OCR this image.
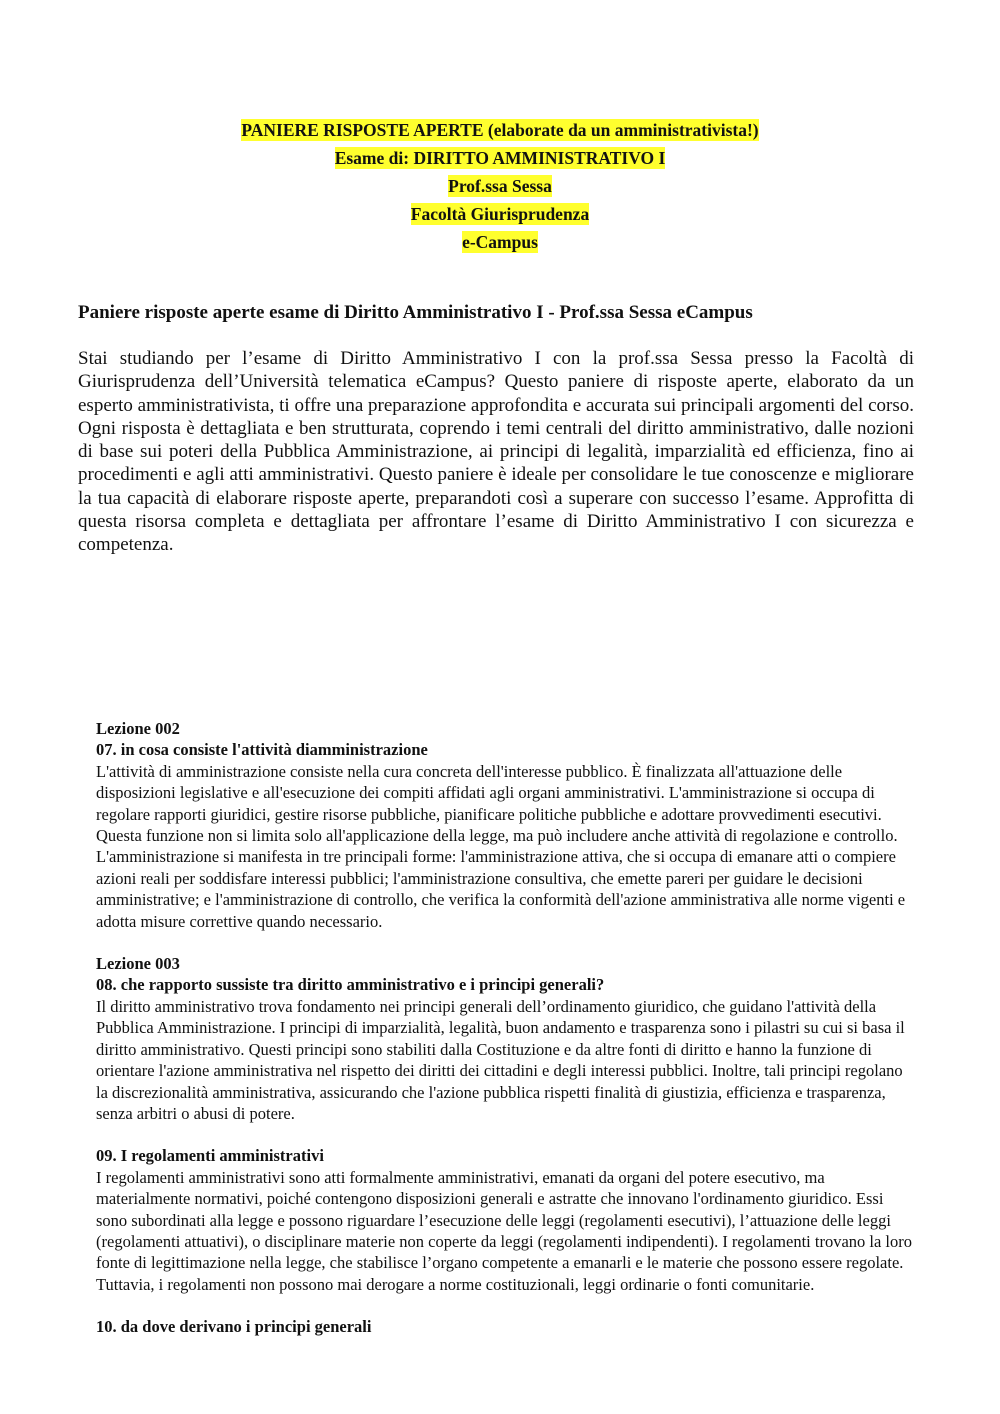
PANIERE RISPOSTE APERTE (elaborate da un amministrativista!)
Esame di: DIRITTO AMMINISTRATIVO I
Prof.ssa Sessa
Facoltà Giurisprudenza
e-Campus
Paniere risposte aperte esame di Diritto Amministrativo I - Prof.ssa Sessa eCampus

Stai studiando per l’esame di Diritto Amministrativo I con la prof.ssa Sessa presso la Facoltà di Giurisprudenza dell’Università telematica eCampus? Questo paniere di risposte aperte, elaborato da un esperto amministrativista, ti offre una preparazione approfondita e accurata sui principali argomenti del corso. Ogni risposta è dettagliata e ben strutturata, coprendo i temi centrali del diritto amministrativo, dalle nozioni di base sui poteri della Pubblica Amministrazione, ai principi di legalità, imparzialità ed efficienza, fino ai procedimenti e agli atti amministrativi. Questo paniere è ideale per consolidare le tue conoscenze e migliorare la tua capacità di elaborare risposte aperte, preparandoti così a superare con successo l’esame. Approfitta di questa risorsa completa e dettagliata per affrontare l’esame di Diritto Amministrativo I con sicurezza e competenza.

Lezione 002

07. in cosa consiste l'attività diamministrazione

L'attività di amministrazione consiste nella cura concreta dell'interesse pubblico. È finalizzata all'attuazione delle disposizioni legislative e all'esecuzione dei compiti affidati agli organi amministrativi. L'amministrazione si occupa di regolare rapporti giuridici, gestire risorse pubbliche, pianificare politiche pubbliche e adottare provvedimenti esecutivi. Questa funzione non si limita solo all'applicazione della legge, ma può includere anche attività di regolazione e controllo. L'amministrazione si manifesta in tre principali forme: l'amministrazione attiva, che si occupa di emanare atti o compiere azioni reali per soddisfare interessi pubblici; l'amministrazione consultiva, che emette pareri per guidare le decisioni amministrative; e l'amministrazione di controllo, che verifica la conformità dell'azione amministrativa alle norme vigenti e adotta misure correttive quando necessario.

Lezione 003

08. che rapporto sussiste tra diritto amministrativo e i principi generali?

Il diritto amministrativo trova fondamento nei principi generali dell’ordinamento giuridico, che guidano l'attività della Pubblica Amministrazione. I principi di imparzialità, legalità, buon andamento e trasparenza sono i pilastri su cui si basa il diritto amministrativo. Questi principi sono stabiliti dalla Costituzione e da altre fonti di diritto e hanno la funzione di orientare l'azione amministrativa nel rispetto dei diritti dei cittadini e degli interessi pubblici. Inoltre, tali principi regolano la discrezionalità amministrativa, assicurando che l'azione pubblica rispetti finalità di giustizia, efficienza e trasparenza, senza arbitri o abusi di potere.

09. I regolamenti amministrativi

I regolamenti amministrativi sono atti formalmente amministrativi, emanati da organi del potere esecutivo, ma materialmente normativi, poiché contengono disposizioni generali e astratte che innovano l'ordinamento giuridico. Essi sono subordinati alla legge e possono riguardare l’esecuzione delle leggi (regolamenti esecutivi), l’attuazione delle leggi (regolamenti attuativi), o disciplinare materie non coperte da leggi (regolamenti indipendenti). I regolamenti trovano la loro fonte di legittimazione nella legge, che stabilisce l’organo competente a emanarli e le materie che possono essere regolate. Tuttavia, i regolamenti non possono mai derogare a norme costituzionali, leggi ordinarie o fonti comunitarie.

10. da dove derivano i principi generali
